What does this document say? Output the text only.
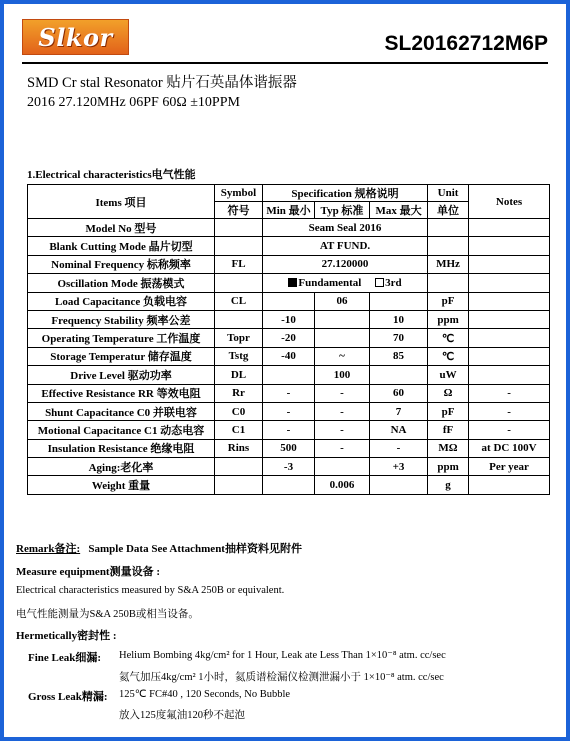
Slkor	SL20162712M6P
SMD Cr stal Resonator 贴片石英晶体谐振器
2016 27.120MHz 06PF 60Ω ±10PPM
1.Electrical characteristics电气性能
Items 项目	Symbol	Specification 规格说明			Unit	Notes
	符号	Min 最小	Typ 标准	Max 最大	单位	
Model No 型号		Seam Seal 2016				
Blank Cutting Mode 晶片切型		AT FUND.				
Nominal Frequency 标称频率	FL	27.120000			MHz	
Oscillation Mode 振荡模式		Fundamental 3rd				
Load Capacitance 负载电容	CL		06		pF	
Frequency Stability 频率公差		-10		10	ppm	
Operating Temperature 工作温度	Topr	-20		70	℃	
Storage Temperatur 储存温度	Tstg	-40	~	85	℃	
Drive Level 驱动功率	DL		100		uW	
Effective Resistance RR 等效电阻	Rr	-	-	60	Ω	-
Shunt Capacitance C0 并联电容	C0	-	-	7	pF	-
Motional Capacitance C1 动态电容	C1	-	-	NA	fF	-
Insulation Resistance 绝缘电阻	Rins	500	-	-	MΩ	at DC 100V
Aging:老化率		-3		+3	ppm	Per year
Weight 重量			0.006		g	
Remark备注: Sample Data See Attachment抽样资料见附件
Measure equipment测量设备 :
Electrical characteristics measured by S&A 250B or equivalent.
电气性能测量为S&A 250B或相当设备。
Hermetically密封性 :
Fine Leak细漏: Helium Bombing 4kg/cm² for 1 Hour, Leak ate Less Than 1×10⁻⁸ atm. cc/sec
氦气加压4kg/cm² 1小时，氦质谱检漏仪检测泄漏小于 1×10⁻⁸ atm. cc/sec
Gross Leak精漏: 125℃ FC#40 , 120 Seconds, No Bubble
放入125度氟油120秒不起泡
